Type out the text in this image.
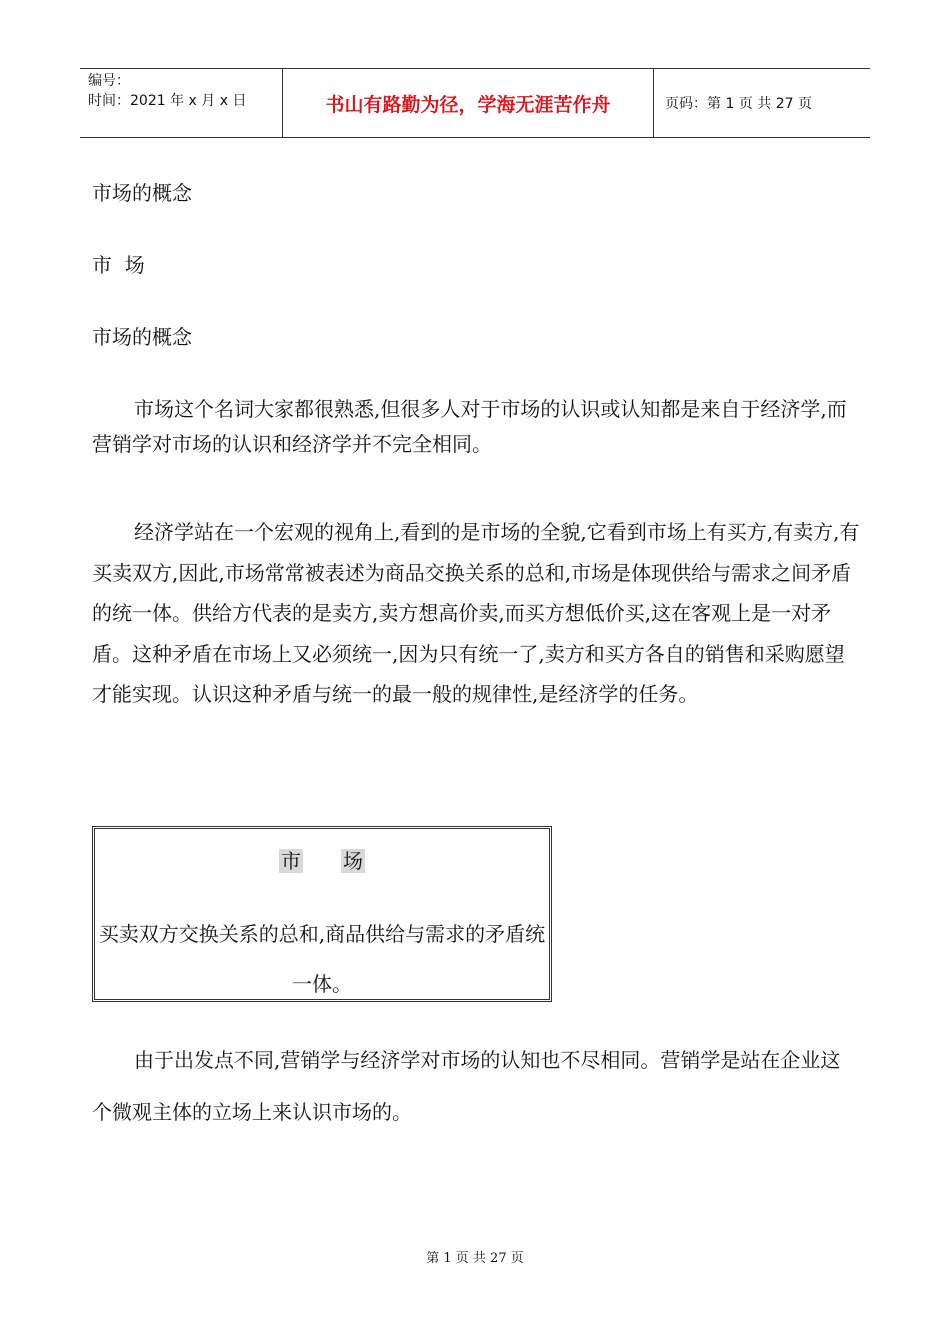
编号：
时间：2021 年 x 月 x 日	书山有路勤为径，学海无涯苦作舟	页码：第 1 页 共 27 页

市场的概念

市  场

市场的概念

市场这个名词大家都很熟悉,但很多人对于市场的认识或认知都是来自于经济学,而营销学对市场的认识和经济学并不完全相同。

经济学站在一个宏观的视角上,看到的是市场的全貌,它看到市场上有买方,有卖方,有买卖双方,因此,市场常常被表述为商品交换关系的总和,市场是体现供给与需求之间矛盾的统一体。供给方代表的是卖方,卖方想高价卖,而买方想低价买,这在客观上是一对矛盾。这种矛盾在市场上又必须统一,因为只有统一了,卖方和买方各自的销售和采购愿望才能实现。认识这种矛盾与统一的最一般的规律性,是经济学的任务。

市 场

买卖双方交换关系的总和,商品供给与需求的矛盾统一体。

由于出发点不同,营销学与经济学对市场的认知也不尽相同。营销学是站在企业这个微观主体的立场上来认识市场的。

第 1 页 共 27 页
